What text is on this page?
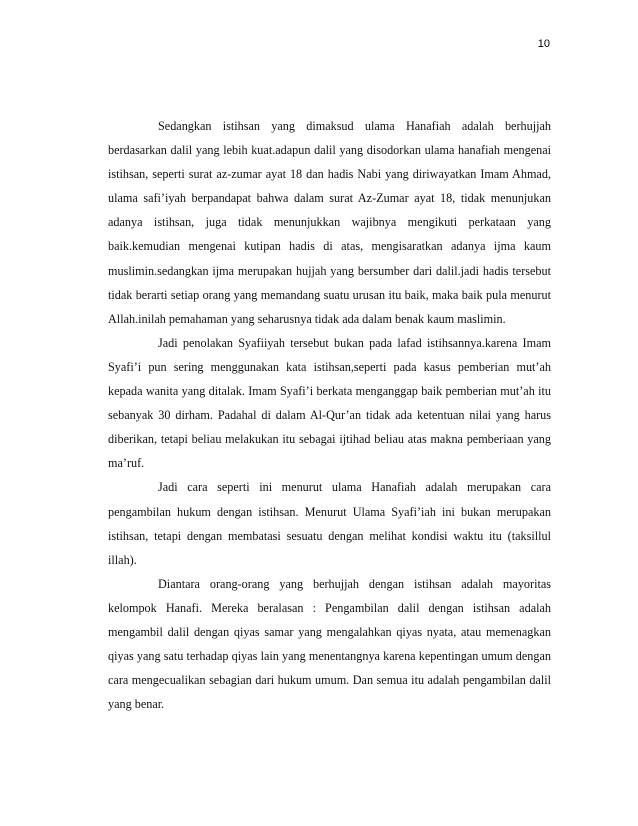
10

Sedangkan istihsan yang dimaksud ulama Hanafiah adalah berhujjah berdasarkan dalil yang lebih kuat.adapun dalil yang disodorkan ulama hanafiah mengenai istihsan, seperti surat az-zumar ayat 18 dan hadis Nabi yang diriwayatkan Imam Ahmad, ulama safi’iyah berpandapat bahwa dalam surat Az-Zumar ayat 18, tidak menunjukan adanya istihsan, juga tidak menunjukkan wajibnya mengikuti perkataan yang baik.kemudian mengenai kutipan hadis di atas, mengisaratkan adanya ijma kaum muslimin.sedangkan ijma merupakan hujjah yang bersumber dari dalil.jadi hadis tersebut tidak berarti setiap orang yang memandang suatu urusan itu baik, maka baik pula menurut Allah.inilah pemahaman yang seharusnya tidak ada dalam benak kaum maslimin.

Jadi penolakan Syafiiyah tersebut bukan pada lafad istihsannya.karena Imam Syafi’i pun sering menggunakan kata istihsan,seperti pada kasus pemberian mut’ah kepada wanita yang ditalak. Imam Syafi’i berkata menganggap baik pemberian mut’ah itu sebanyak 30 dirham. Padahal di dalam Al-Qur’an tidak ada ketentuan nilai yang harus diberikan, tetapi beliau melakukan itu sebagai ijtihad beliau atas makna pemberiaan yang ma’ruf.

Jadi cara seperti ini menurut ulama Hanafiah adalah merupakan cara pengambilan hukum dengan istihsan. Menurut Ulama Syafi’iah ini bukan merupakan istihsan, tetapi dengan membatasi sesuatu dengan melihat kondisi waktu itu (taksillul illah).

Diantara orang-orang yang berhujjah dengan istihsan adalah mayoritas kelompok Hanafi. Mereka beralasan : Pengambilan dalil dengan istihsan adalah mengambil dalil dengan qiyas samar yang mengalahkan qiyas nyata, atau memenagkan qiyas yang satu terhadap qiyas lain yang menentangnya karena kepentingan umum dengan cara mengecualikan sebagian dari hukum umum. Dan semua itu adalah pengambilan dalil yang benar.
